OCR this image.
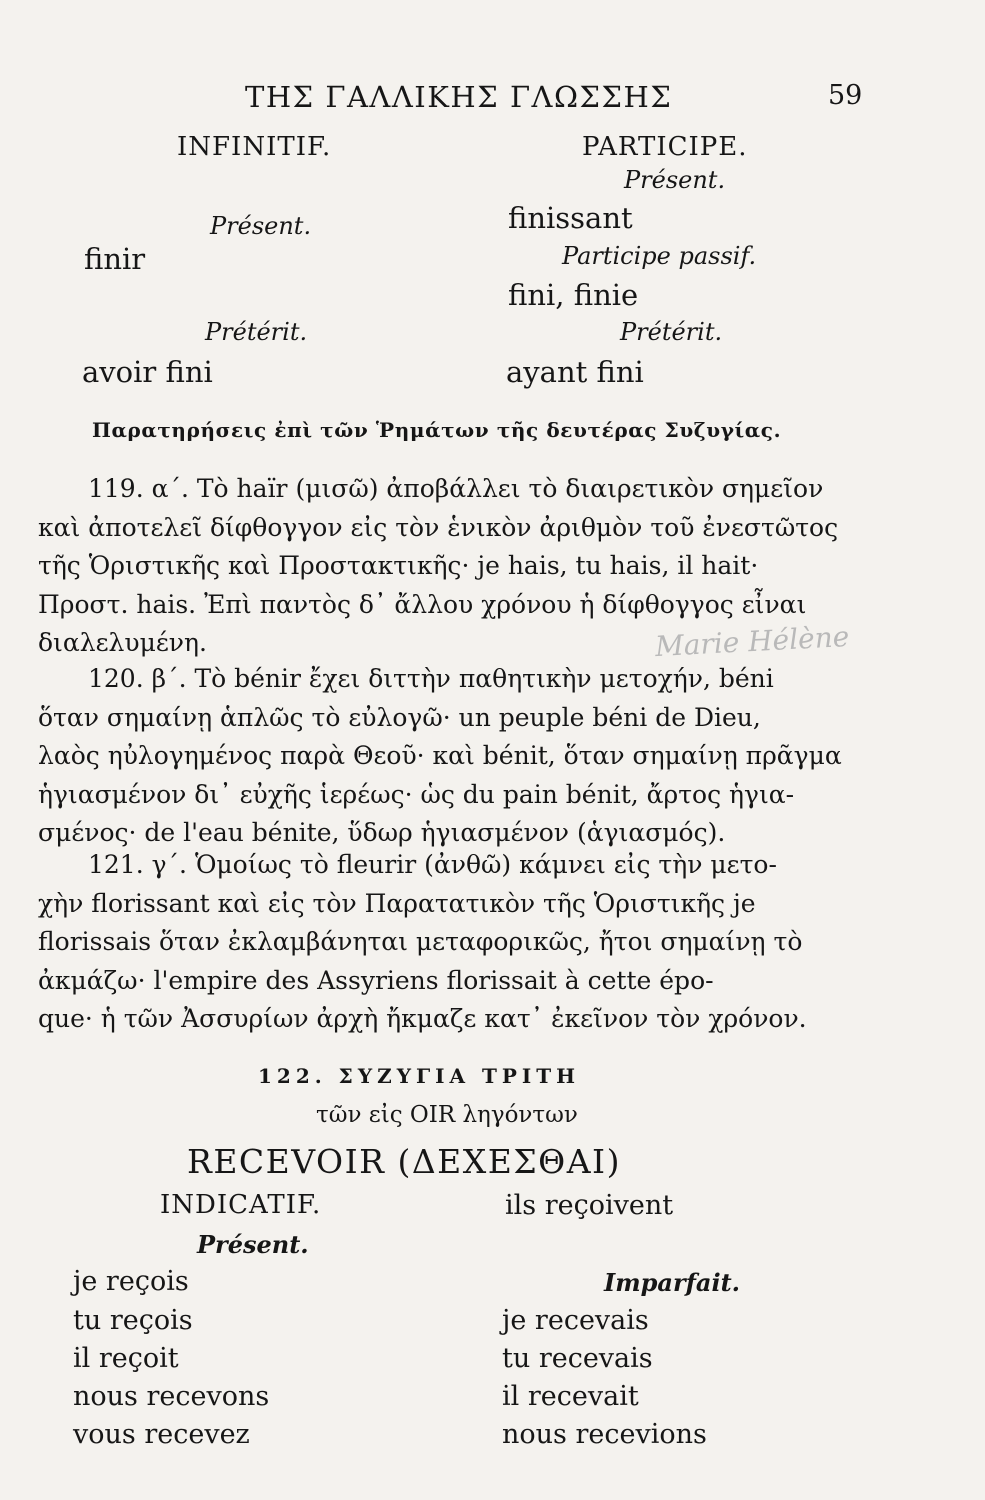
ΤΗΣ ΓΑΛΛΙΚΗΣ ΓΛΩΣΣΗΣ	59
INFINITIF.
Présent.
finir
Prétérit.
avoir fini
PARTICIPE.
Présent.
finissant
Participe passif.
fini, finie
Prétérit.
ayant fini
Παρατηρήσεις ἐπὶ τῶν Ῥημάτων τῆς δευτέρας Συζυγίας.
119. α΄. Τὸ haïr (μισῶ) ἀποβάλλει τὸ διαιρετικὸν σημεῖον
καὶ ἀποτελεῖ δίφθογγον εἰς τὸν ἑνικὸν ἀριθμὸν τοῦ ἐνεστῶτος
τῆς Ὁριστικῆς καὶ Προστακτικῆς· je hais, tu hais, il hait·
Προστ. hais. Ἐπὶ παντὸς δ᾽ ἄλλου χρόνου ἡ δίφθογγος εἶναι
διαλελυμένη.
120. β΄. Τὸ bénir ἔχει διττὴν παθητικὴν μετοχήν, béni
ὅταν σημαίνῃ ἁπλῶς τὸ εὐλογῶ· un peuple béni de Dieu,
λαὸς ηὐλογημένος παρὰ Θεοῦ· καὶ bénit, ὅταν σημαίνῃ πρᾶγμα
ἡγιασμένον δι᾽ εὐχῆς ἱερέως· ὡς du pain bénit, ἄρτος ἡγια-
σμένος· de l'eau bénite, ὕδωρ ἡγιασμένον (ἁγιασμός).
121. γ΄. Ὁμοίως τὸ fleurir (ἀνθῶ) κάμνει εἰς τὴν μετο-
χὴν florissant καὶ εἰς τὸν Παρατατικὸν τῆς Ὁριστικῆς je
florissais ὅταν ἐκλαμβάνηται μεταφορικῶς, ἤτοι σημαίνῃ τὸ
ἀκμάζω· l'empire des Assyriens florissait à cette épo-
que· ἡ τῶν Ἀσσυρίων ἀρχὴ ἤκμαζε κατ᾽ ἐκεῖνον τὸν χρόνον.
122. ΣΥΖΥΓΙΑ ΤΡΙΤΗ
τῶν εἰς OIR ληγόντων
RECEVOIR (ΔΕΧΕΣΘΑΙ)
INDICATIF.
Présent.
je reçois
tu reçois
il reçoit
nous recevons
vous recevez
ils reçoivent
Imparfait.
je recevais
tu recevais
il recevait
nous recevions
Marie Hélène
